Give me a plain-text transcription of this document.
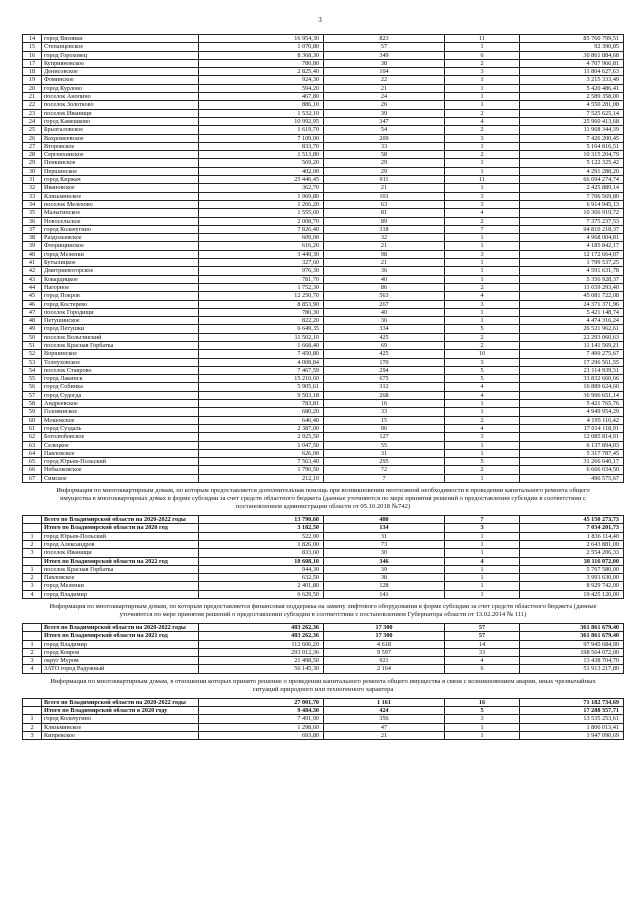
3
14	город Вязники	16 954,30	823	11	85 760 799,51
15	Степанцевское	1 070,80	57	1	92 390,85
16	город Гороховец	8 368,30	349	6	30 861 884,68
17	Куприяновское	780,80	38	2	4 707 966,81
18	Денисовское	2 825,40	104	3	11 804 627,63
19	Фоминское	924,30	22	1	3 215 333,49
20	город Курлово	594,20	21	1	5 420 486,41
21	поселок Анопино	467,80	24	1	2 589 358,00
22	поселок Золотково	886,10	26	1	4 550 281,08
23	поселок Иванищи	1 532,10	39	2	7 525 625,14
24	город Камешково	10 992,95	347	4	25 960 413,68
25	Брызгаловское	1 619,70	54	2	11 968 344,39
26	Вахромеевское	7 109,90	209	3	7 426 200,45
27	Второвское	833,70	33	1	5 164 816,51
28	Сергеихинское	1 513,80	58	2	10 315 204,79
29	Пенкинское	569,20	29	1	5 122 325,42
30	Першинское	402,00	29	1	4 291 288,20
31	город Киржач	25 446,45	911	11	66 694 274,74
32	Ивановское	362,70	21	1	2 425 889,14
33	Клязьминское	1 969,80	101	3	7 706 569,80
34	поселок Мелехово	1 266,20	63	3	6 914 945,13
35	Малыгинское	1 555,60	81	4	10 366 919,72
36	Новосельское	2 008,70	89	2	7 375 237,53
37	город Кольчугино	7 826,40	318	7	94 810 218,37
38	Раздольевское	609,00	32	1	4 968 004,81
39	Флорищинское	616,20	21	1	4 185 842,17
40	город Меленки	3 449,30	98	3	12 172 664,07
41	Бутылицкое	327,60	21	1	1 799 537,25
42	Дмитриевогорское	976,30	36	1	4 591 631,78
43	Ковардицкое	781,70	40	1	5 356 928,37
44	Нагорное	1 752,30	86	2	11 659 293,40
45	город Покров	12 250,70	563	4	45 081 722,08
46	город Костерево	8 853,90	267	3	24 371 371,96
47	поселок Городищи	780,30	40	1	5 421 148,74
48	Петушинское	822,20	36	1	4 474 316,24
49	город Петушки	6 649,35	334	5	26 521 962,61
50	поселок Вольгинский	11 502,10	425	2	22 293 060,63
51	поселок Красная Горбатка	1 668,40	69	2	11 141 569,21
52	Воршинское	7 450,80	425	10	7 499 275,67
53	Толпуховское	4 008,84	170	3	17 296 561,55
54	поселок Ставрово	7 467,59	294	5	21 114 939,31
55	город Лакинск	15 210,60	675	5	33 832 660,66
56	город Собинка	5 905,61	312	4	16 889 624,60
57	город Судогда	9 503,18	268	4	36 996 651,14
58	Андреевское	783,81	16	1	5 421 765,76
59	Головинское	680,20	33	1	4 949 954,29
60	Мошокское	646,40	15	2	4 195 116,42
61	город Суздаль	2 387,00	96	4	17 014 118,91
62	Боголюбовское	2 925,50	127	3	12 085 814,91
63	Селецкое	1 047,50	55	1	6 137 894,03
64	Павловское	626,00	31	1	5 317 787,45
65	город Юрьев-Польский	7 563,40	295	5	31 266 040,17
66	Небылковское	1 790,50	72	2	6 666 034,50
67	Симское	212,10	7	1	496 575,67
Информация по многоквартирным домам, по которым предоставляется дополнительная помощь при возникновении неотложной необходимости в проведении капитального ремонта общего имущества в многоквартирных домах в форме субсидии за счет средств областного бюджета (данные уточняются по мере принятия решений о предоставлении субсидии в соответствии с постановлением администрации области от 05.10.2018 №742)
	Всего по Владимирской области на 2020-2022 годы	13 790,60	480	7	45 150 273,73
	Итого по Владимирской области на 2020 год	3 182,50	134	3	7 034 201,73
1	город Юрьев-Польский	522,90	31	1	1 836 114,40
2	город Александров	1 826,00	73	1	2 643 881,00
3	поселок Иванищи	833,60	30	1	2 554 206,33
	Итого по Владимирской области на 2022 год	10 608,10	346	4	38 116 072,00
1	поселок Красная Горбатка	944,30	39	1	5 767 580,00
2	Павловское	632,50	38	1	3 993 630,00
3	город Меленки	2 401,80	128	1	8 929 742,00
4	город Владимир	6 629,50	141	1	19 425 120,00
Информация по многоквартирным домам, по которым предоставляется финансовая поддержка на замену лифтового оборудования в форме субсидии за счет средств областного бюджета (данные уточняются по мере принятия решений о предоставлении субсидии в соответствии с постановлением Губернатора области от 13.02.2014 № 111)
	Всего по Владимирской области на 2020-2022 годы	483 262,36	17 300	57	361 861 679,40
	Итого по Владимирской области на 2021 год	483 262,36	17 300	57	361 861 679,40
1	город Владимир	112 606,20	4 618	14	97 945 684,90
2	город Ковров	293 012,36	9 597	33	198 564 072,00
3	округ Муром	21 498,50	921	4	13 438 704,70
4	ЗАТО город Радужный	56 145,30	2 164	6	51 913 217,80
Информация по многоквартирным домам, в отношении которых принято решение о проведении капитального ремонта общего имущества в связи с возникновением аварии, иных чрезвычайных ситуаций природного или техногенного характера
	Всего по Владимирской области на 2020-2022 годы	27 001,70	1 161	16	71 182 734,69
	Итого по Владимирской области в 2020 году	9 484,30	424	5	17 288 357,71
1	город Кольчугино	7 491,90	356	3	13 535 253,61
2	Клязьминское	1 298,60	47	1	1 806 013,41
3	Кипревское	693,80	21	1	1 947 090,69
